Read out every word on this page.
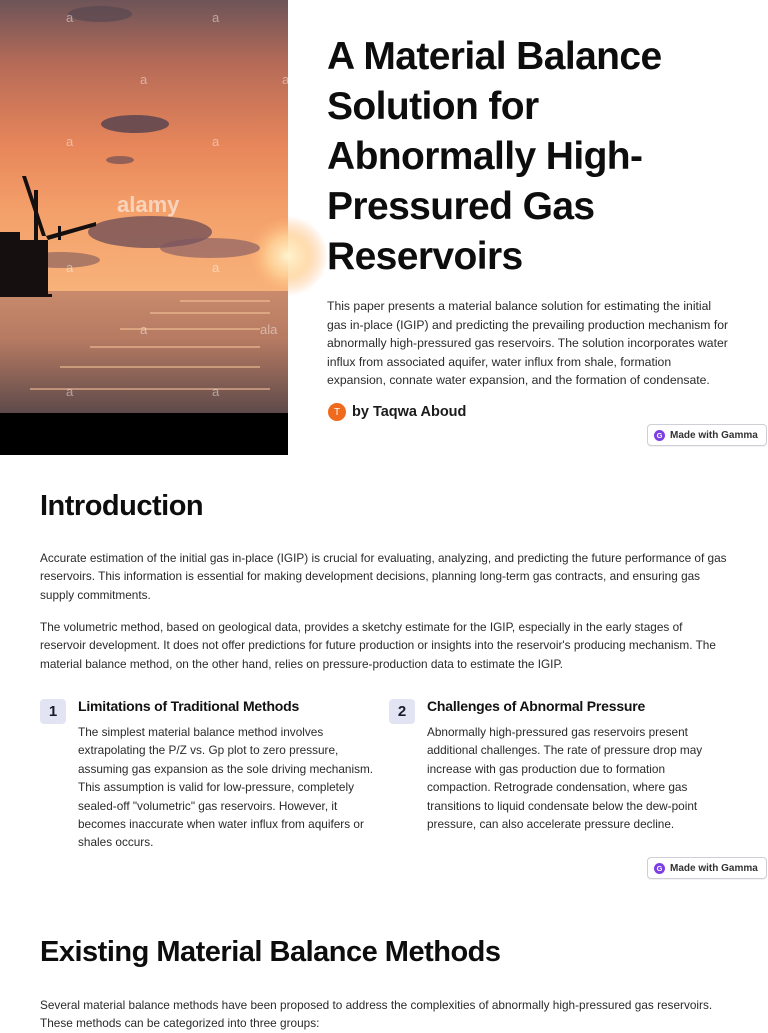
alamy
a	a
a	a
a	a
a	a
a	ala
a	a
A Material Balance Solution for Abnormally High-Pressured Gas Reservoirs

This paper presents a material balance solution for estimating the initial gas in-place (IGIP) and predicting the prevailing production mechanism for abnormally high-pressured gas reservoirs. The solution incorporates water influx from associated aquifer, water influx from shale, formation expansion, connate water expansion, and the formation of condensate.

T by Taqwa Aboud
G Made with Gamma
Introduction

Accurate estimation of the initial gas in-place (IGIP) is crucial for evaluating, analyzing, and predicting the future performance of gas reservoirs. This information is essential for making development decisions, planning long-term gas contracts, and ensuring gas supply commitments.

The volumetric method, based on geological data, provides a sketchy estimate for the IGIP, especially in the early stages of reservoir development. It does not offer predictions for future production or insights into the reservoir's producing mechanism. The material balance method, on the other hand, relies on pressure-production data to estimate the IGIP.

1	Limitations of Traditional Methods

The simplest material balance method involves extrapolating the P/Z vs. Gp plot to zero pressure, assuming gas expansion as the sole driving mechanism. This assumption is valid for low-pressure, completely sealed-off "volumetric" gas reservoirs. However, it becomes inaccurate when water influx from aquifers or shales occurs.

2	Challenges of Abnormal Pressure

Abnormally high-pressured gas reservoirs present additional challenges. The rate of pressure drop may increase with gas production due to formation compaction. Retrograde condensation, where gas transitions to liquid condensate below the dew-point pressure, can also accelerate pressure decline.

G Made with Gamma
Existing Material Balance Methods

Several material balance methods have been proposed to address the complexities of abnormally high-pressured gas reservoirs. These methods can be categorized into three groups:
